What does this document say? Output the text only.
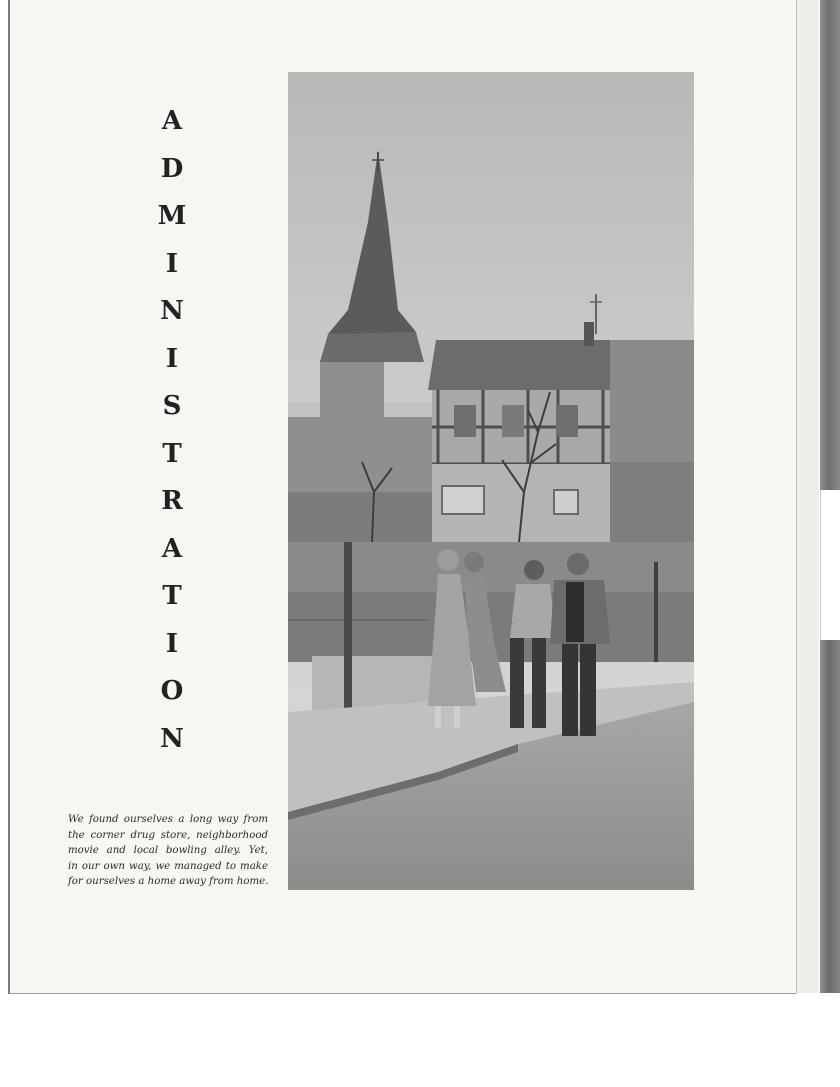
A
D
M
I
N
I
S
T
R
A
T
I
O
N
We found ourselves a long way from
the corner drug store, neighborhood
movie and local bowling alley. Yet,
in our own way, we managed to make
for ourselves a home away from home.
